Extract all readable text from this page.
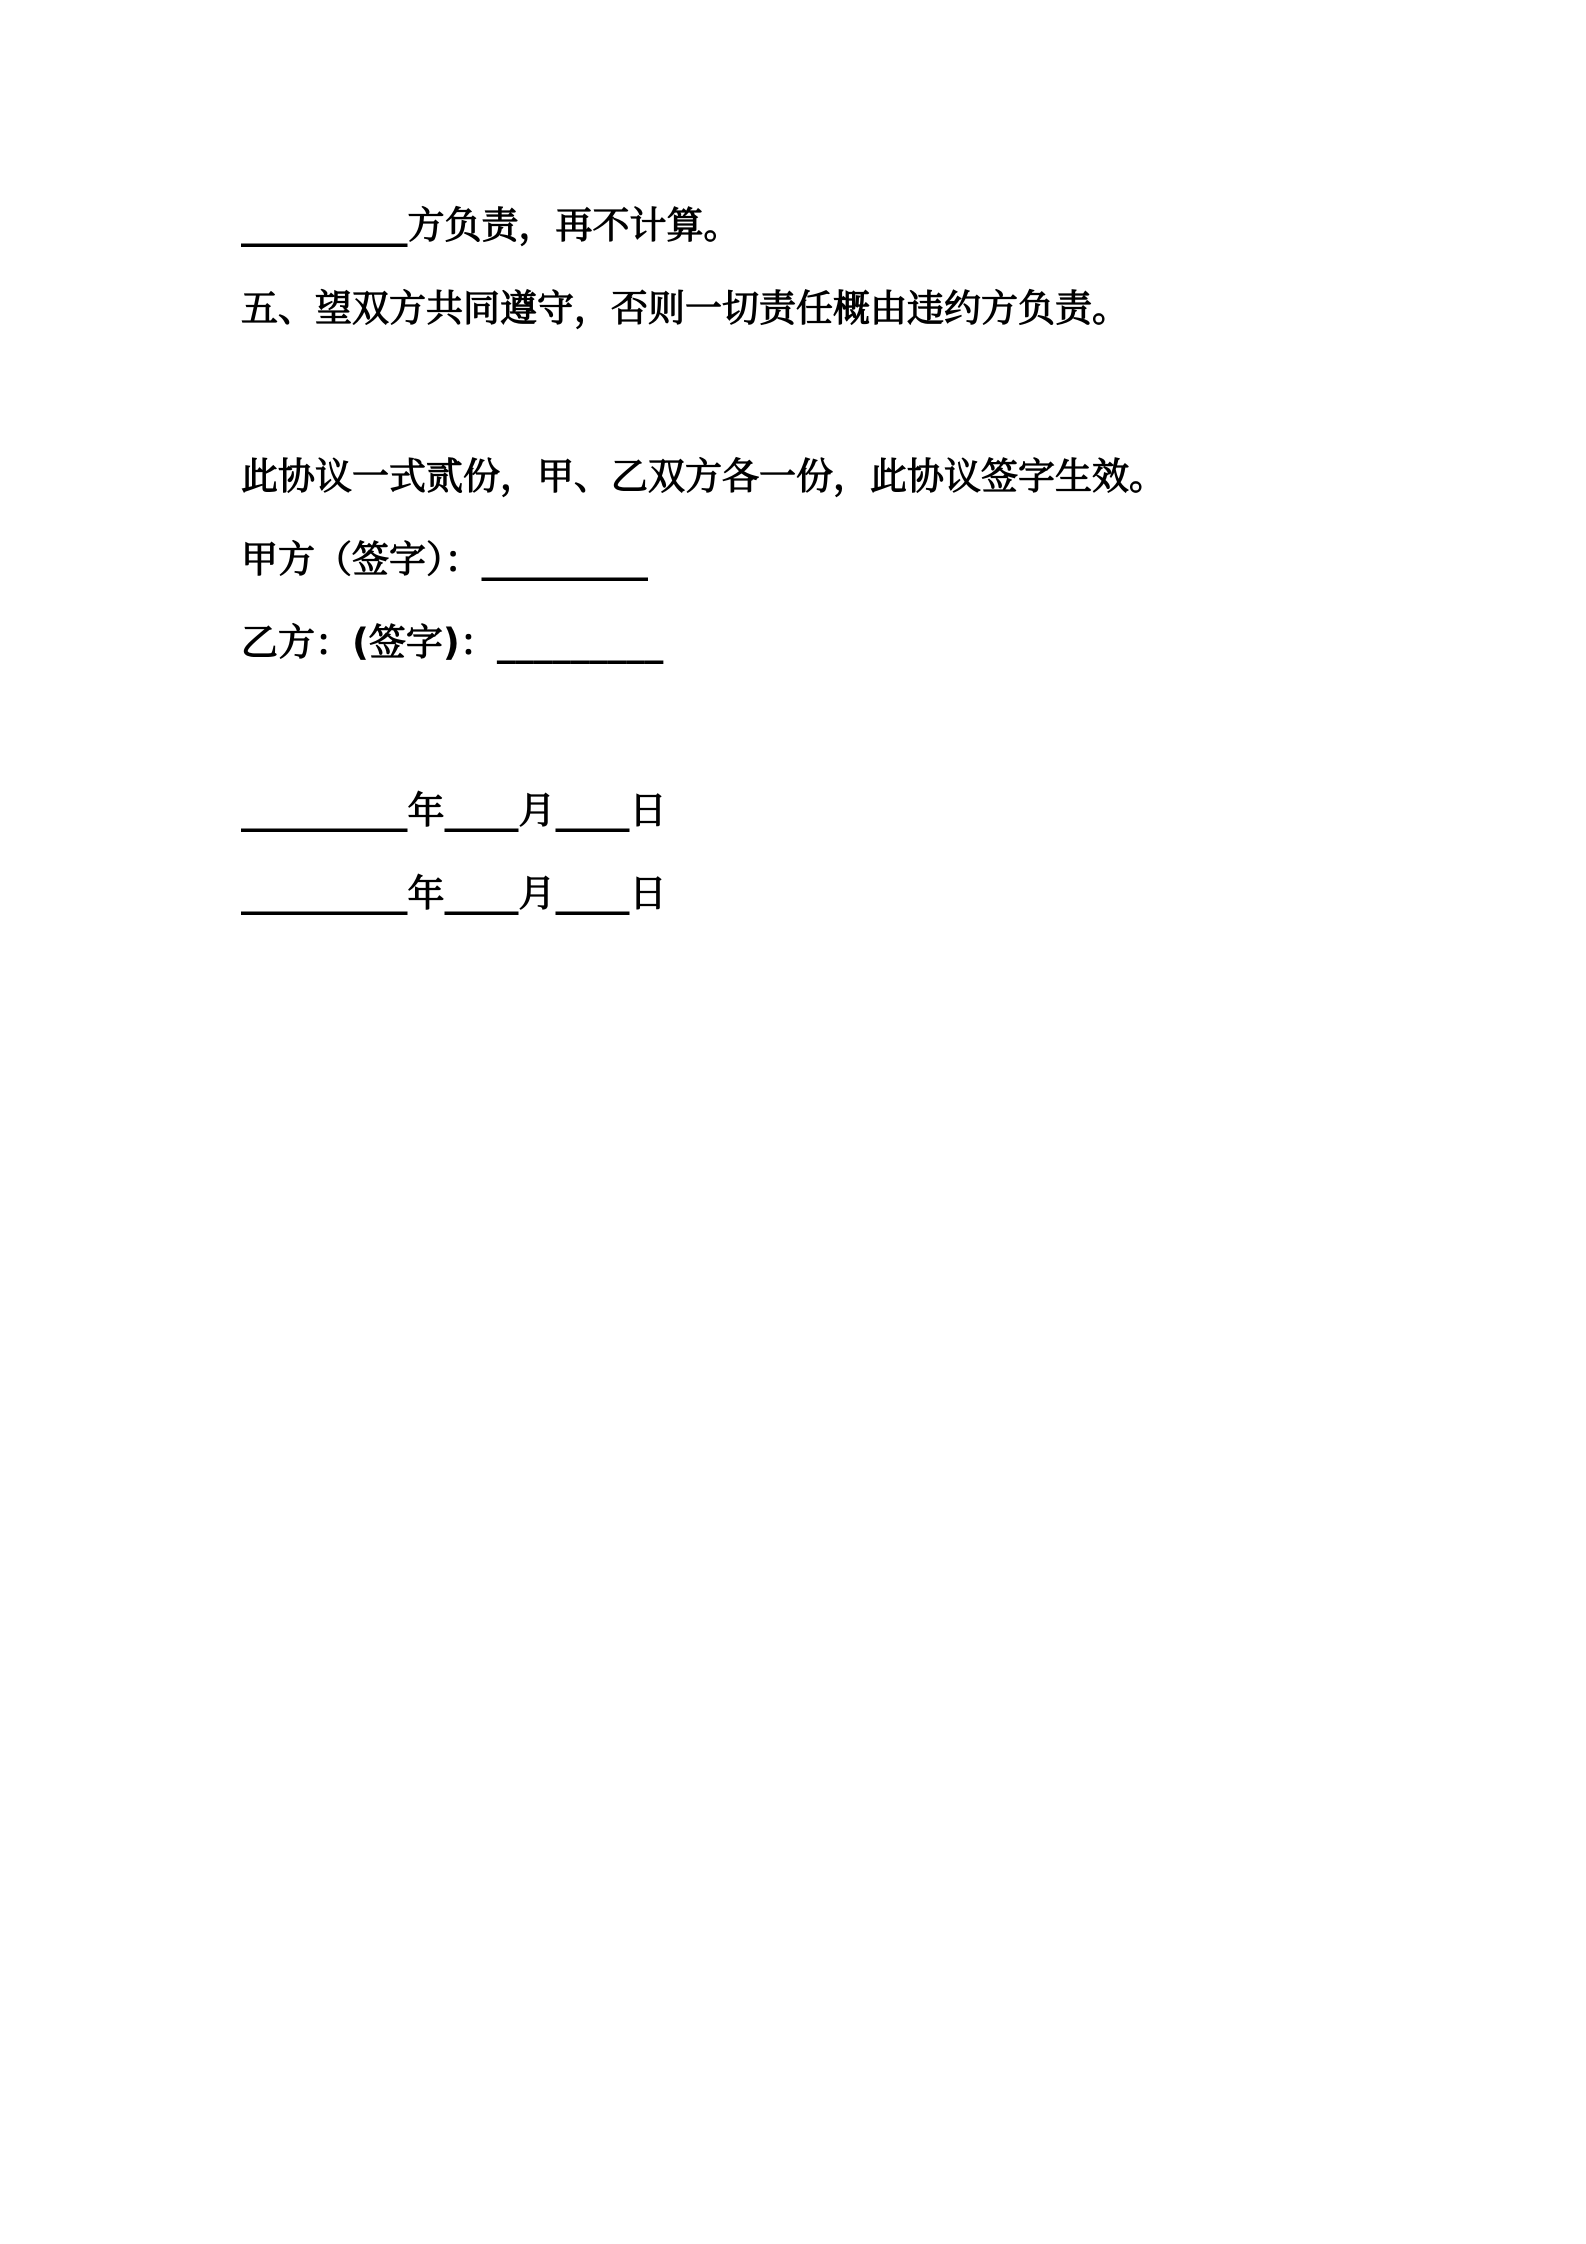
_________方负责，再不计算。
五、望双方共同遵守，否则一切责任概由违约方负责。
此协议一式贰份，甲、乙双方各一份，此协议签字生效。
甲方（签字）：_________
乙方：(签字)：_________
_________年____月____日
_________年____月____日
